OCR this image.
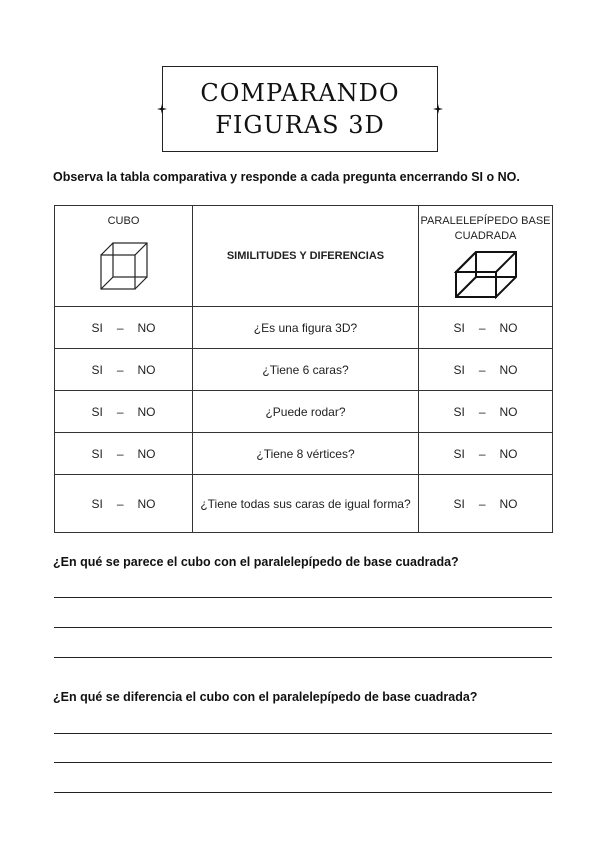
COMPARANDO
FIGURAS 3D
Observa la tabla comparativa y responde a cada pregunta encerrando SI o NO.
CUBO	SIMILITUDES Y DIFERENCIAS	PARALELEPÍPEDO BASE
CUADRADA

SI – NO	¿Es una figura 3D?	SI – NO

SI – NO	¿Tiene 6 caras?	SI – NO

SI – NO	¿Puede rodar?	SI – NO

SI – NO	¿Tiene 8 vértices?	SI – NO

SI – NO	¿Tiene todas sus caras de igual forma?	SI – NO
¿En qué se parece el cubo con el paralelepípedo de base cuadrada?
¿En qué se diferencia el cubo con el paralelepípedo de base cuadrada?
